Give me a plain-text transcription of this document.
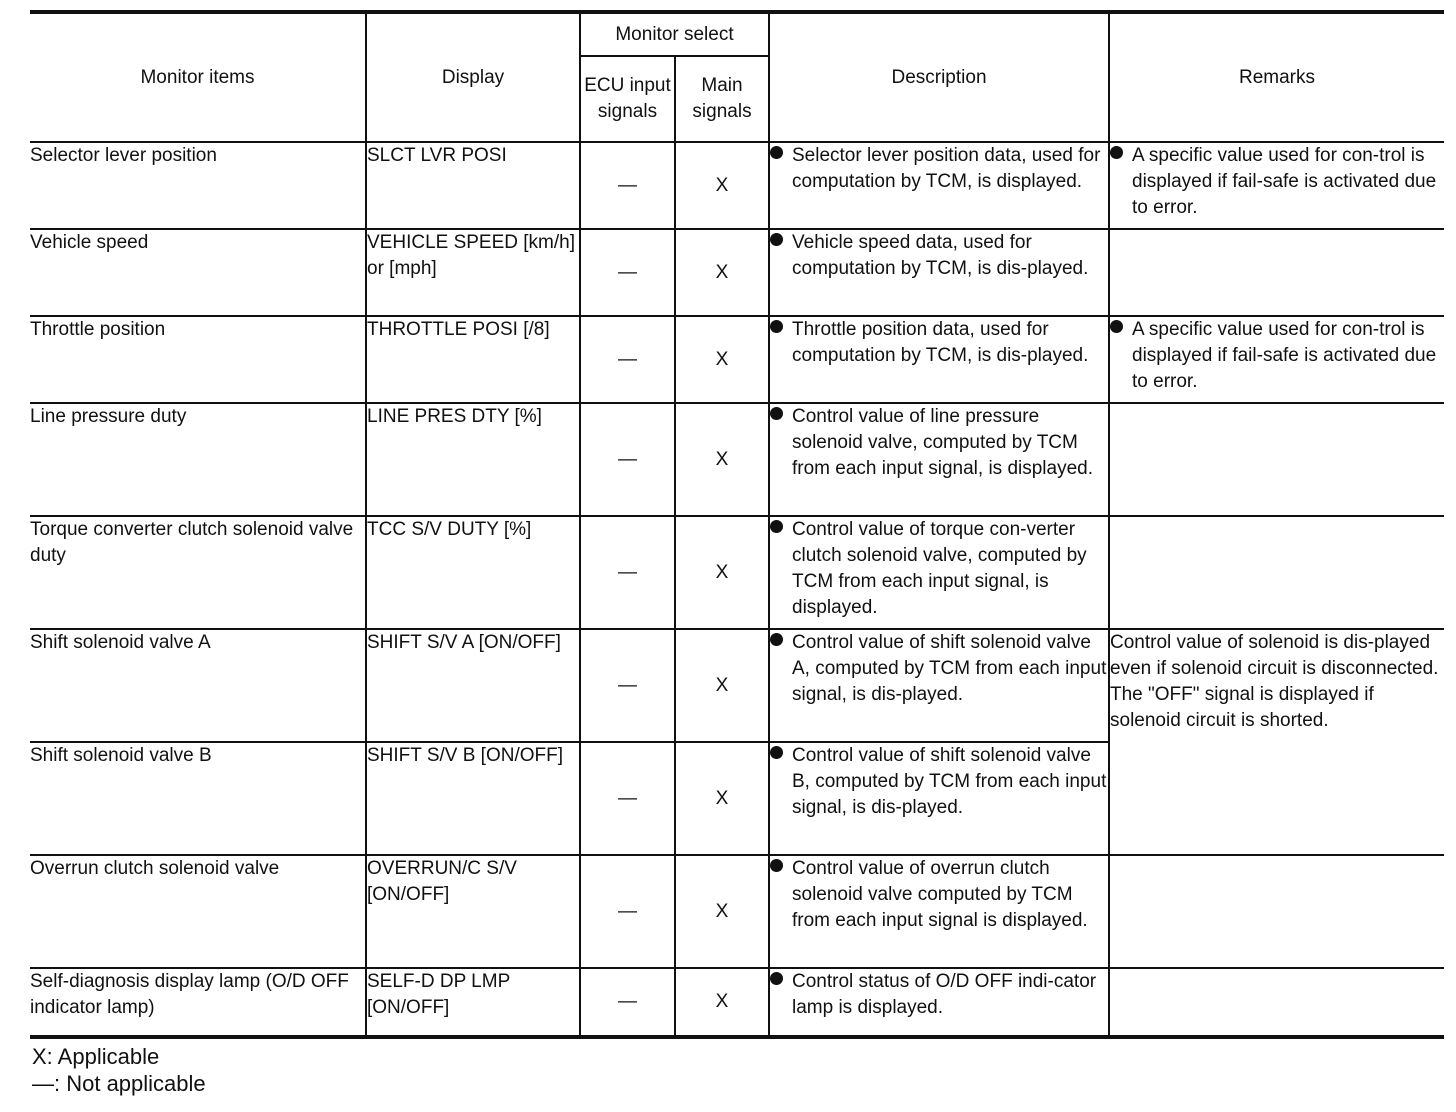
Monitor items	Display	Monitor select		Description	Remarks
		ECU input signals	Main signals		
Selector lever position	SLCT LVR POSI	—	X	Selector lever position data, used for computation by TCM, is displayed.	A specific value used for con-trol is displayed if fail-safe is activated due to error.

Vehicle speed	VEHICLE SPEED [km/h] or [mph]	—	X	Vehicle speed data, used for computation by TCM, is dis-played.	

Throttle position	THROTTLE POSI [/8]	—	X	Throttle position data, used for computation by TCM, is dis-played.	A specific value used for con-trol is displayed if fail-safe is activated due to error.

Line pressure duty	LINE PRES DTY [%]	—	X	Control value of line pressure solenoid valve, computed by TCM from each input signal, is displayed.	

Torque converter clutch solenoid valve duty	TCC S/V DUTY [%]	—	X	Control value of torque con-verter clutch solenoid valve, computed by TCM from each input signal, is displayed.	

Shift solenoid valve A	SHIFT S/V A [ON/OFF]	—	X	Control value of shift solenoid valve A, computed by TCM from each input signal, is dis-played.	Control value of solenoid is dis-played even if solenoid circuit is disconnected. The "OFF" signal is displayed if solenoid circuit is shorted.
Shift solenoid valve B	SHIFT S/V B [ON/OFF]	—	X	Control value of shift solenoid valve B, computed by TCM from each input signal, is dis-played.	

Overrun clutch solenoid valve	OVERRUN/C S/V [ON/OFF]	—	X	Control value of overrun clutch solenoid valve computed by TCM from each input signal is displayed.	

Self-diagnosis display lamp (O/D OFF indicator lamp)	SELF-D DP LMP [ON/OFF]	—	X	Control status of O/D OFF indi-cator lamp is displayed.	

X: Applicable
—: Not applicable
